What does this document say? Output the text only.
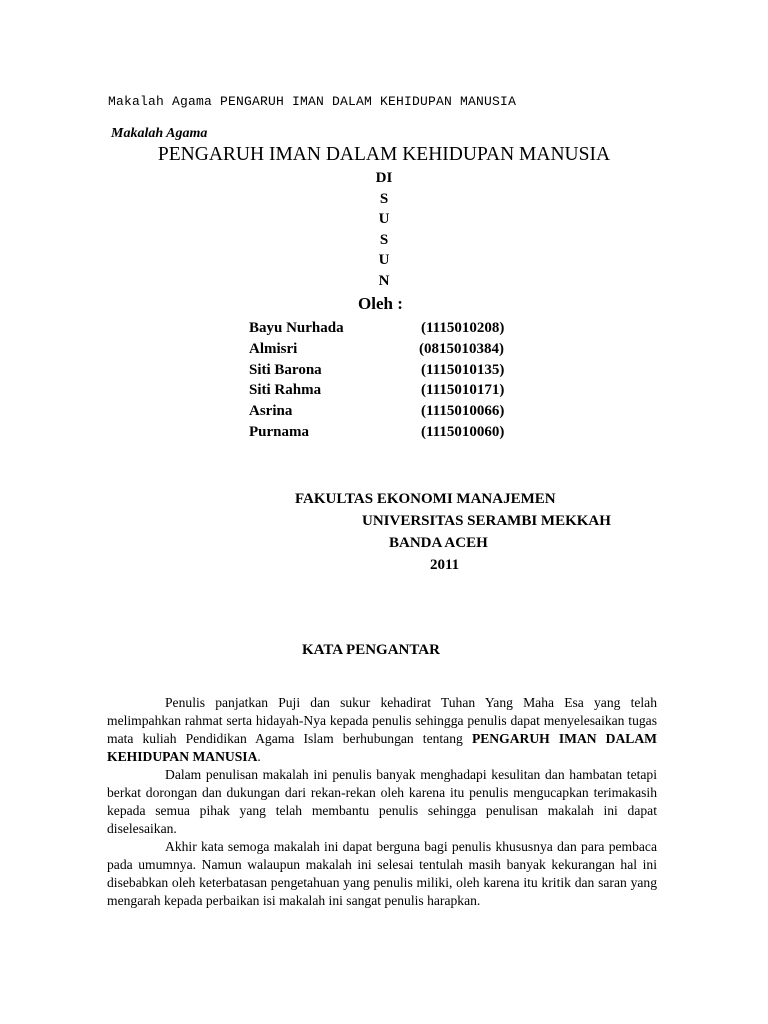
Makalah Agama PENGARUH IMAN DALAM KEHIDUPAN MANUSIA
Makalah Agama
PENGARUH IMAN DALAM KEHIDUPAN MANUSIA
DI
S
U
S
U
N
Oleh :
Bayu Nurhada	(1115010208)
Almisri	(0815010384)
Siti Barona	(1115010135)
Siti Rahma	(1115010171)
Asrina	(1115010066)
Purnama	(1115010060)
FAKULTAS EKONOMI MANAJEMEN
UNIVERSITAS SERAMBI MEKKAH
BANDA ACEH
2011
KATA PENGANTAR

Penulis panjatkan Puji dan sukur kehadirat Tuhan Yang Maha Esa yang telah melimpahkan rahmat serta hidayah-Nya kepada penulis sehingga penulis dapat menyelesaikan tugas mata kuliah Pendidikan Agama Islam berhubungan tentang PENGARUH IMAN DALAM KEHIDUPAN MANUSIA.

Dalam penulisan makalah ini penulis banyak menghadapi kesulitan dan hambatan tetapi berkat dorongan dan dukungan dari rekan-rekan oleh karena itu penulis mengucapkan terimakasih kepada semua pihak yang telah membantu penulis sehingga penulisan makalah ini dapat diselesaikan.

Akhir kata semoga makalah ini dapat berguna bagi penulis khususnya dan para pembaca pada umumnya. Namun walaupun makalah ini selesai tentulah masih banyak kekurangan hal ini disebabkan oleh keterbatasan pengetahuan yang penulis miliki, oleh karena itu kritik dan saran yang mengarah kepada perbaikan isi makalah ini sangat penulis harapkan.
